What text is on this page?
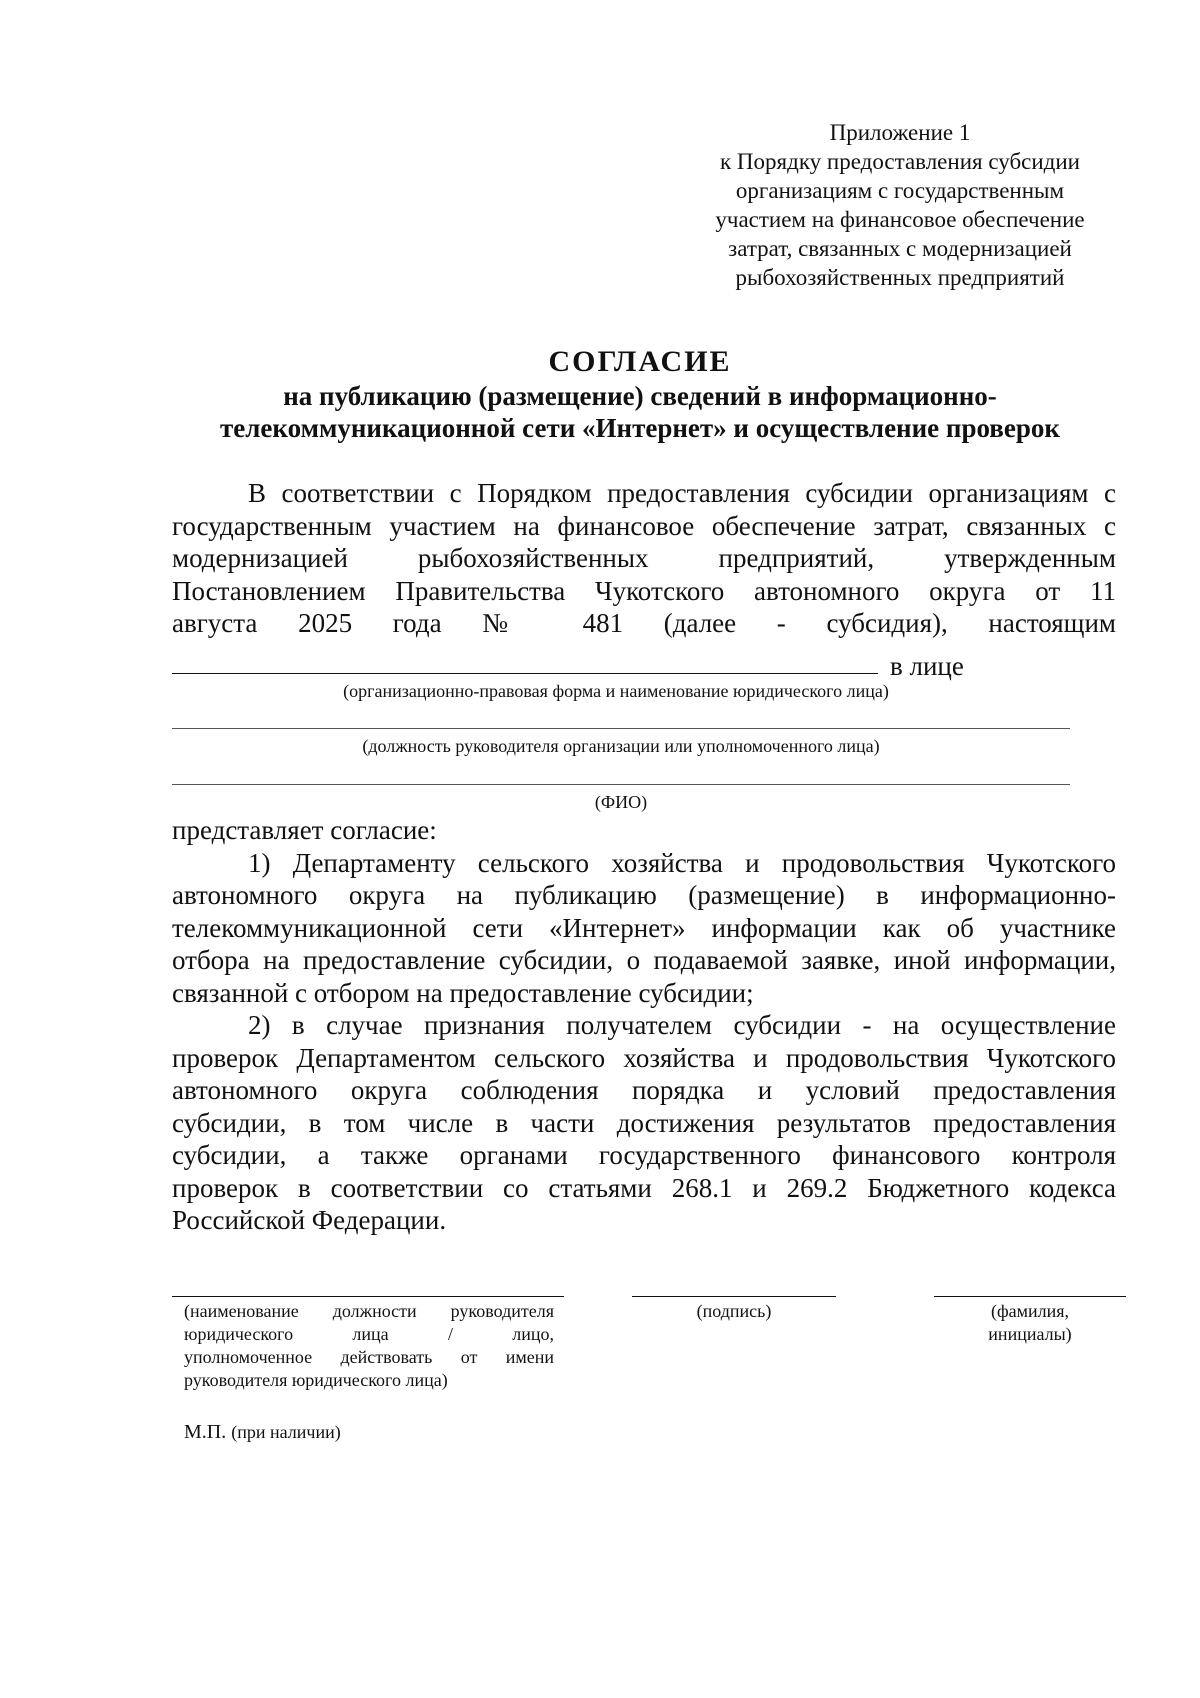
Приложение 1
к Порядку предоставления субсидии
организациям с государственным
участием на финансовое обеспечение
затрат, связанных с модернизацией
рыбохозяйственных предприятий
СОГЛАСИЕ
на публикацию (размещение) сведений в информационно-
телекоммуникационной сети «Интернет» и осуществление проверок
В соответствии с Порядком предоставления субсидии организациям с
государственным участием на финансовое обеспечение затрат, связанных с
модернизацией рыбохозяйственных предприятий, утвержденным
Постановлением Правительства Чукотского автономного округа от 11
августа 2025 года № 481 (далее - субсидия), настоящим
в лице
(организационно-правовая форма и наименование юридического лица)
(должность руководителя организации или уполномоченного лица)
(ФИО)
представляет согласие:
1) Департаменту сельского хозяйства и продовольствия Чукотского
автономного округа на публикацию (размещение) в информационно-
телекоммуникационной сети «Интернет» информации как об участнике
отбора на предоставление субсидии, о подаваемой заявке, иной информации,
связанной с отбором на предоставление субсидии;
2) в случае признания получателем субсидии - на осуществление
проверок Департаментом сельского хозяйства и продовольствия Чукотского
автономного округа соблюдения порядка и условий предоставления
субсидии, в том числе в части достижения результатов предоставления
субсидии, а также органами государственного финансового контроля
проверок в соответствии со статьями 268.1 и 269.2 Бюджетного кодекса
Российской Федерации.
(наименование должности руководителя
юридического лица / лицо,
уполномоченное действовать от имени
руководителя юридического лица)
(подпись)	(фамилия,
инициалы)
М.П. (при наличии)
